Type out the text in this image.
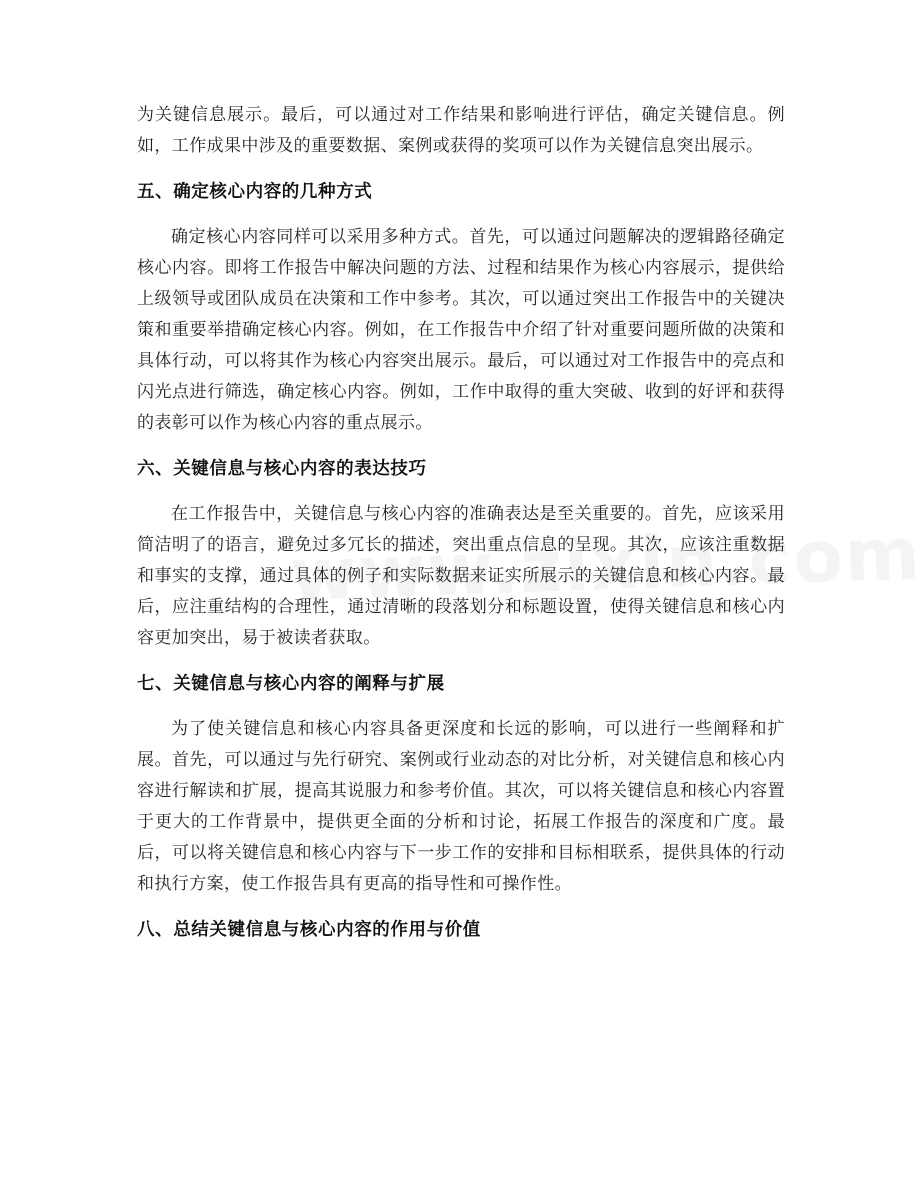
为关键信息展示。最后，可以通过对工作结果和影响进行评估，确定关键信息。例如，工作成果中涉及的重要数据、案例或获得的奖项可以作为关键信息突出展示。

五、确定核心内容的几种方式

确定核心内容同样可以采用多种方式。首先，可以通过问题解决的逻辑路径确定核心内容。即将工作报告中解决问题的方法、过程和结果作为核心内容展示，提供给上级领导或团队成员在决策和工作中参考。其次，可以通过突出工作报告中的关键决策和重要举措确定核心内容。例如，在工作报告中介绍了针对重要问题所做的决策和具体行动，可以将其作为核心内容突出展示。最后，可以通过对工作报告中的亮点和闪光点进行筛选，确定核心内容。例如，工作中取得的重大突破、收到的好评和获得的表彰可以作为核心内容的重点展示。

六、关键信息与核心内容的表达技巧

在工作报告中，关键信息与核心内容的准确表达是至关重要的。首先，应该采用简洁明了的语言，避免过多冗长的描述，突出重点信息的呈现。其次，应该注重数据和事实的支撑，通过具体的例子和实际数据来证实所展示的关键信息和核心内容。最后，应注重结构的合理性，通过清晰的段落划分和标题设置，使得关键信息和核心内容更加突出，易于被读者获取。

七、关键信息与核心内容的阐释与扩展

为了使关键信息和核心内容具备更深度和长远的影响，可以进行一些阐释和扩展。首先，可以通过与先行研究、案例或行业动态的对比分析，对关键信息和核心内容进行解读和扩展，提高其说服力和参考价值。其次，可以将关键信息和核心内容置于更大的工作背景中，提供更全面的分析和讨论，拓展工作报告的深度和广度。最后，可以将关键信息和核心内容与下一步工作的安排和目标相联系，提供具体的行动和执行方案，使工作报告具有更高的指导性和可操作性。

八、总结关键信息与核心内容的作用与价值
